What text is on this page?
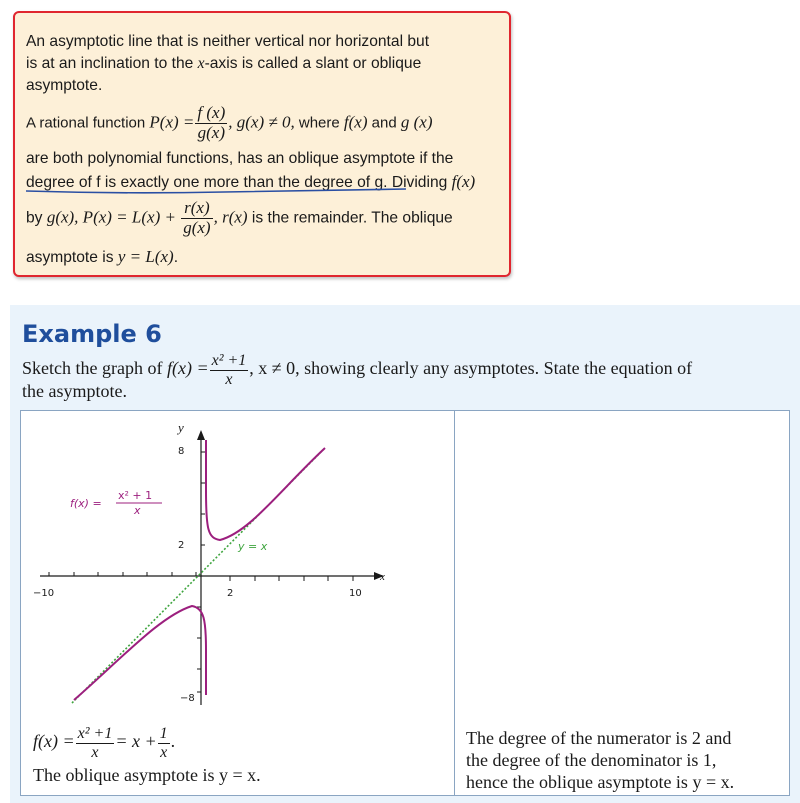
An asymptotic line that is neither vertical nor horizontal but
is at an inclination to the x-axis is called a slant or oblique
asymptote.
A rational function $P(x) = \frac{f (x)}{g(x)}$ , g(x) ≠ 0, where f(x) and g (x)
are both polynomial functions, has an oblique asymptote if the
degree of f is exactly one more than the degree of g. Dividing f(x)
by g(x), $P(x) = L(x) + \frac{r(x)}{g(x)}$ , r(x) is the remainder. The oblique
asymptote is y = L(x).
Example 6
Sketch the graph of $f(x) = \frac{\text{x² +1}}{x}$ , x ≠ 0, showing clearly any asymptotes. State the equation of
the asymptote.
y
x
8
2
−8
−10	2	10
f(x) =
x² + 1
x
y = x
$f(x) = \frac{\text{x² +1}}{x} = x + \frac{1}{x}$ .
The oblique asymptote is y = x.
The degree of the numerator is 2 and
the degree of the denominator is 1,
hence the oblique asymptote is y = x.
